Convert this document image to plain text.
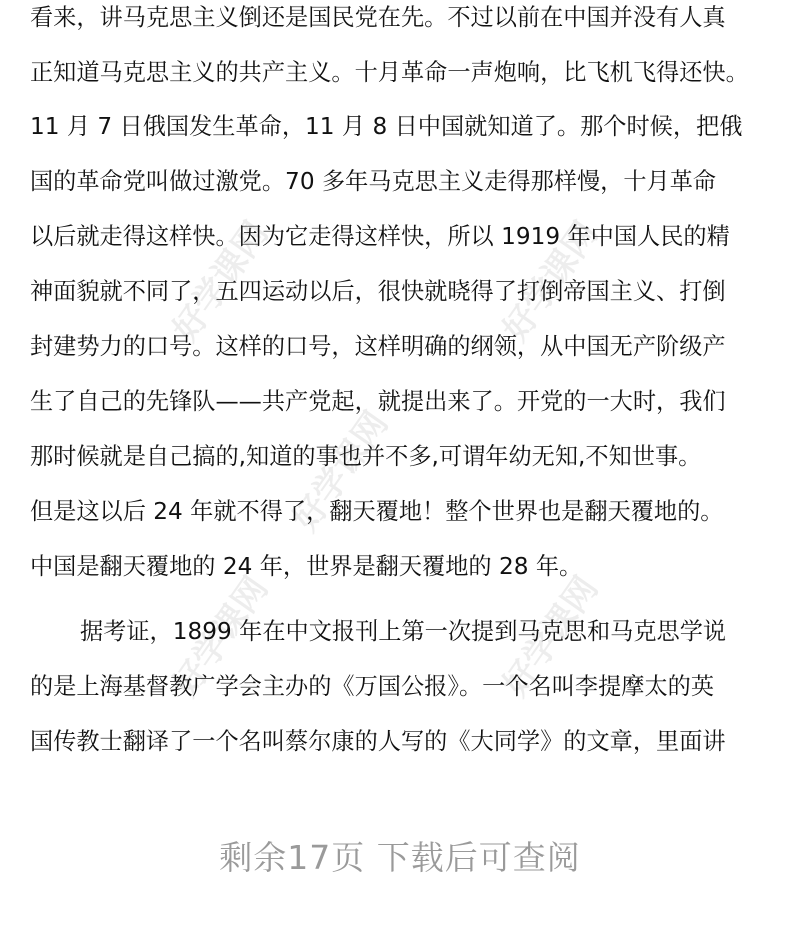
看来，讲马克思主义倒还是国民党在先。不过以前在中国并没有人真
正知道马克思主义的共产主义。十月革命一声炮响，比飞机飞得还快。
11 月 7 日俄国发生革命，11 月 8 日中国就知道了。那个时候，把俄
国的革命党叫做过激党。70 多年马克思主义走得那样慢，十月革命
以后就走得这样快。因为它走得这样快，所以 1919 年中国人民的精
神面貌就不同了，五四运动以后，很快就晓得了打倒帝国主义、打倒
封建势力的口号。这样的口号，这样明确的纲领，从中国无产阶级产
生了自己的先锋队——共产党起，就提出来了。开党的一大时，我们
那时候就是自己搞的,知道的事也并不多,可谓年幼无知,不知世事。
但是这以后 24 年就不得了，翻天覆地！整个世界也是翻天覆地的。
中国是翻天覆地的 24 年，世界是翻天覆地的 28 年。
据考证，1899 年在中文报刊上第一次提到马克思和马克思学说
的是上海基督教广学会主办的《万国公报》。一个名叫李提摩太的英
国传教士翻译了一个名叫蔡尔康的人写的《大同学》的文章，里面讲
好学课网	好学课网
好学课网
好学课网	好学课网
剩余17页 下载后可查阅
